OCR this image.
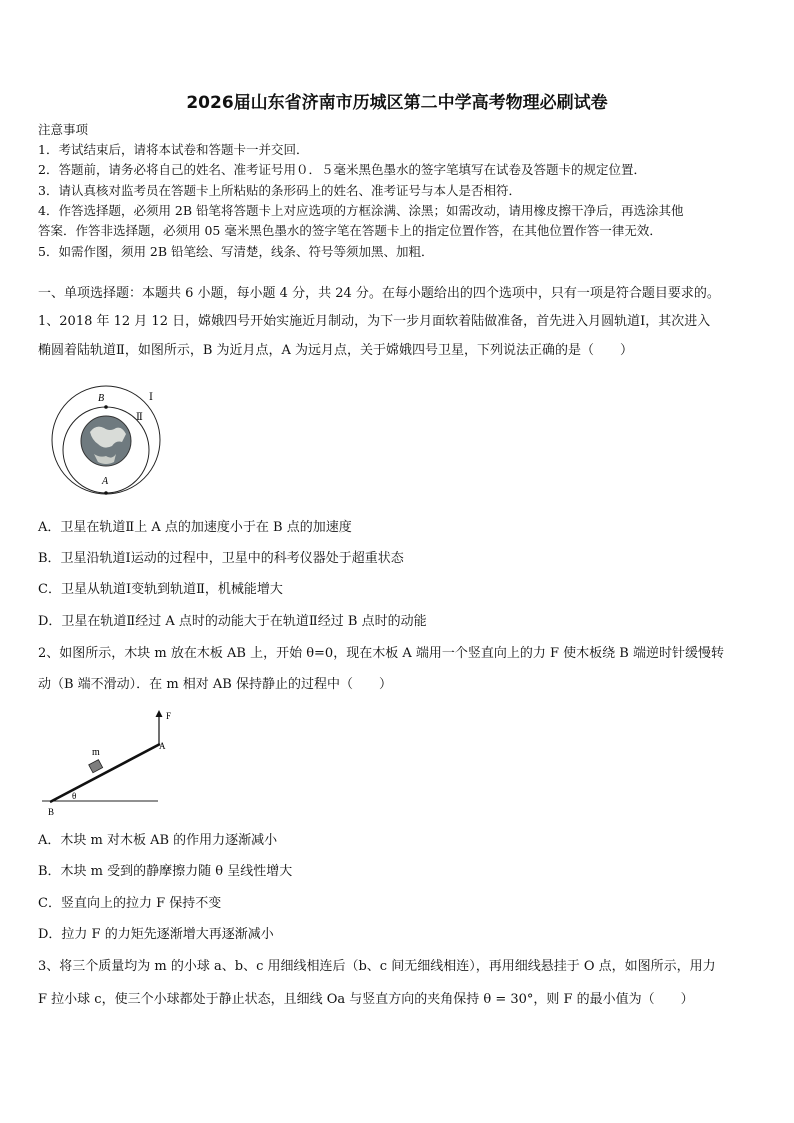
2026届山东省济南市历城区第二中学高考物理必刷试卷
注意事项
1．考试结束后，请将本试卷和答题卡一并交回．
2．答题前，请务必将自己的姓名、准考证号用０．５毫米黑色墨水的签字笔填写在试卷及答题卡的规定位置．
3．请认真核对监考员在答题卡上所粘贴的条形码上的姓名、准考证号与本人是否相符．
4．作答选择题，必须用 2B 铅笔将答题卡上对应选项的方框涂满、涂黑；如需改动，请用橡皮擦干净后，再选涂其他
答案．作答非选择题，必须用 05 毫米黑色墨水的签字笔在答题卡上的指定位置作答，在其他位置作答一律无效．
5．如需作图，须用 2B 铅笔绘、写清楚，线条、符号等须加黑、加粗．
一、单项选择题：本题共 6 小题，每小题 4 分，共 24 分。在每小题给出的四个选项中，只有一项是符合题目要求的。
1、2018 年 12 月 12 日，嫦娥四号开始实施近月制动，为下一步月面软着陆做准备，首先进入月圆轨道Ⅰ，其次进入
椭圆着陆轨道Ⅱ，如图所示，B 为近月点，A 为远月点，关于嫦娥四号卫星，下列说法正确的是（　　）
B
A
Ⅰ
Ⅱ
A．卫星在轨道Ⅱ上 A 点的加速度小于在 B 点的加速度
B．卫星沿轨道Ⅰ运动的过程中，卫星中的科考仪器处于超重状态
C．卫星从轨道Ⅰ变轨到轨道Ⅱ，机械能增大
D．卫星在轨道Ⅱ经过 A 点时的动能大于在轨道Ⅱ经过 B 点时的动能
2、如图所示，木块 m 放在木板 AB 上，开始 θ=0，现在木板 A 端用一个竖直向上的力 F 使木板绕 B 端逆时针缓慢转
动（B 端不滑动）．在 m 相对 AB 保持静止的过程中（　　）
F
A
m
θ
B
A．木块 m 对木板 AB 的作用力逐渐减小
B．木块 m 受到的静摩擦力随 θ 呈线性增大
C．竖直向上的拉力 F 保持不变
D．拉力 F 的力矩先逐渐增大再逐渐减小
3、将三个质量均为 m 的小球 a、b、c 用细线相连后（b、c 间无细线相连），再用细线悬挂于 O 点，如图所示，用力
F 拉小球 c，使三个小球都处于静止状态，且细线 Oa 与竖直方向的夹角保持 θ = 30°，则 F 的最小值为（　　）
